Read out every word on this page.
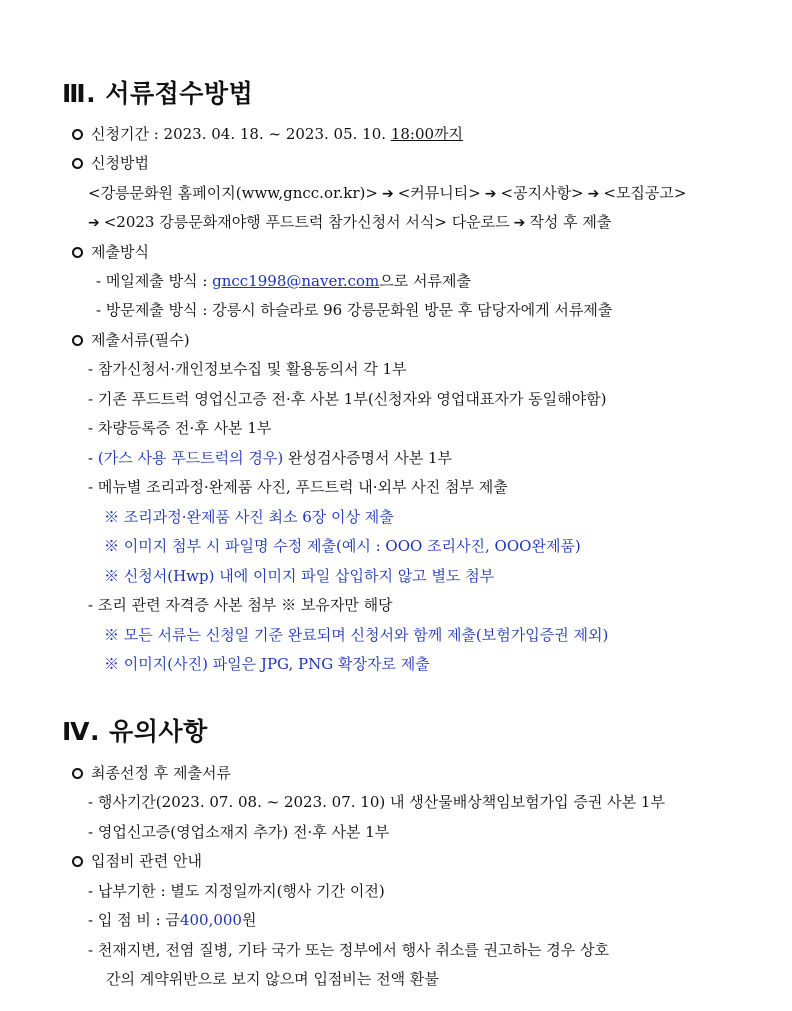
Ⅲ. 서류접수방법
신청기간 : 2023. 04. 18. ~ 2023. 05. 10. 18:00까지
신청방법
<강릉문화원 홈페이지(www,gncc.or.kr)> ➔ <커뮤니티> ➔ <공지사항> ➔ <모집공고>
➔ <2023 강릉문화재야행 푸드트럭 참가신청서 서식> 다운로드 ➔ 작성 후 제출
제출방식
- 메일제출 방식 : gncc1998@naver.com으로 서류제출
- 방문제출 방식 : 강릉시 하슬라로 96 강릉문화원 방문 후 담당자에게 서류제출
제출서류(필수)
- 참가신청서·개인정보수집 및 활용동의서 각 1부
- 기존 푸드트럭 영업신고증 전·후 사본 1부(신청자와 영업대표자가 동일해야함)
- 차량등록증 전·후 사본 1부
- (가스 사용 푸드트럭의 경우) 완성검사증명서 사본 1부
- 메뉴별 조리과정·완제품 사진, 푸드트럭 내·외부 사진 첨부 제출
※ 조리과정·완제품 사진 최소 6장 이상 제출
※ 이미지 첨부 시 파일명 수정 제출(예시 : OOO 조리사진, OOO완제품)
※ 신청서(Hwp) 내에 이미지 파일 삽입하지 않고 별도 첨부
- 조리 관련 자격증 사본 첨부 ※ 보유자만 해당
※ 모든 서류는 신청일 기준 완료되며 신청서와 함께 제출(보험가입증권 제외)
※ 이미지(사진) 파일은 JPG, PNG 확장자로 제출
Ⅳ. 유의사항
최종선정 후 제출서류
- 행사기간(2023. 07. 08. ~ 2023. 07. 10) 내 생산물배상책임보험가입 증권 사본 1부
- 영업신고증(영업소재지 추가) 전·후 사본 1부
입점비 관련 안내
- 납부기한 : 별도 지정일까지(행사 기간 이전)
- 입 점 비 : 금400,000원
- 천재지변, 전염 질병, 기타 국가 또는 정부에서 행사 취소를 권고하는 경우 상호
간의 계약위반으로 보지 않으며 입점비는 전액 환불
